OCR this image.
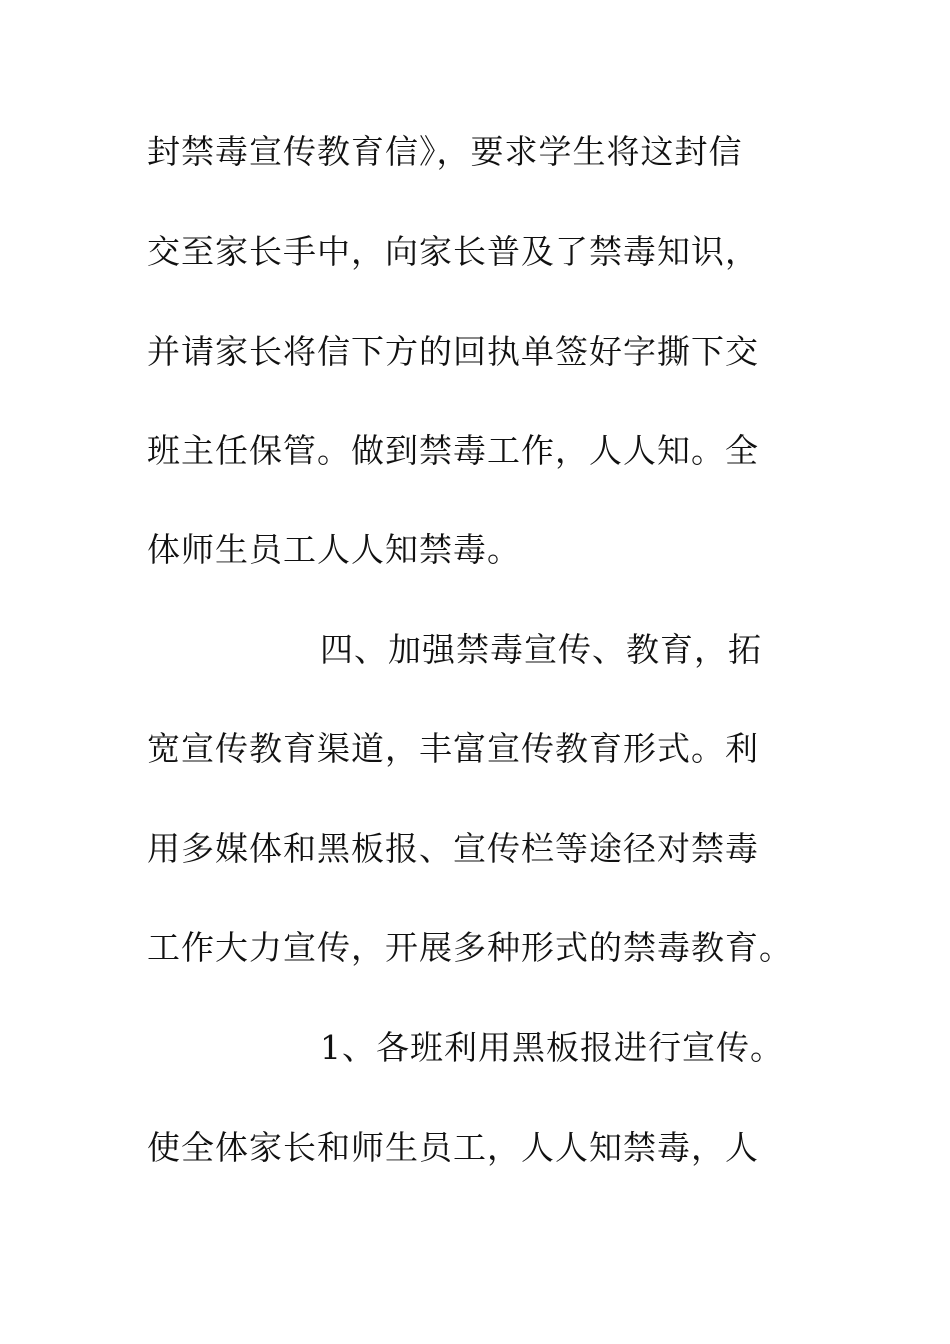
封禁毒宣传教育信》，要求学生将这封信
交至家长手中，向家长普及了禁毒知识，
并请家长将信下方的回执单签好字撕下交
班主任保管。做到禁毒工作，人人知。全
体师生员工人人知禁毒。
四、加强禁毒宣传、教育，拓
宽宣传教育渠道，丰富宣传教育形式。利
用多媒体和黑板报、宣传栏等途径对禁毒
工作大力宣传，开展多种形式的禁毒教育。
1、各班利用黑板报进行宣传。
使全体家长和师生员工，人人知禁毒，人
